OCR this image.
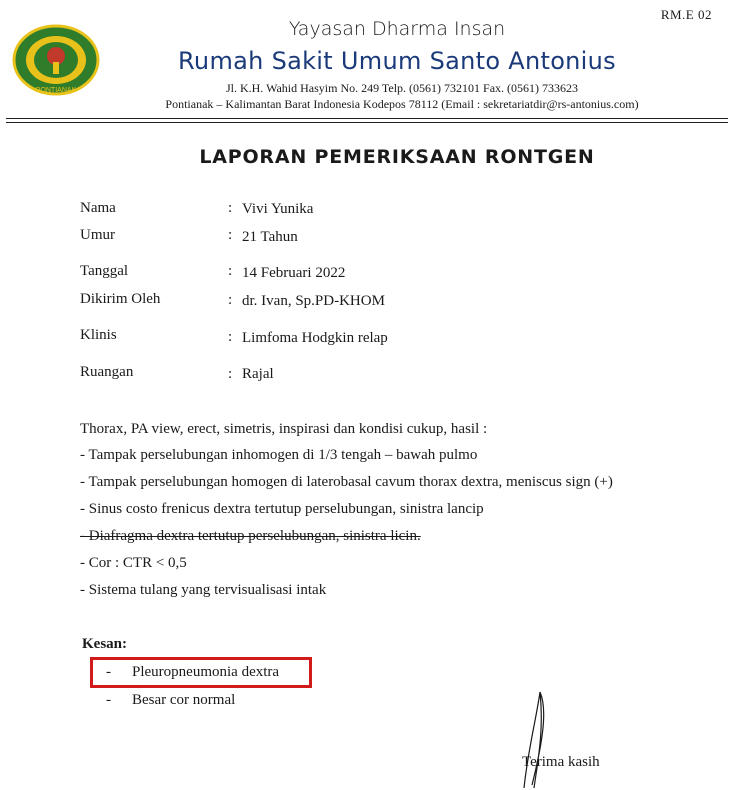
RM.E 02
PONTIANAK
Yayasan Dharma Insan
Rumah Sakit Umum Santo Antonius
Jl. K.H. Wahid Hasyim No. 249 Telp. (0561) 732101 Fax. (0561) 733623
Pontianak – Kalimantan Barat Indonesia Kodepos 78112 (Email : sekretariatdir@rs-antonius.com)
LAPORAN PEMERIKSAAN RONTGEN
Nama	: Vivi Yunika
Umur	: 21 Tahun
Tanggal	: 14 Februari 2022
Dikirim Oleh	: dr. Ivan, Sp.PD-KHOM
Klinis	: Limfoma Hodgkin relap
Ruangan	: Rajal
Thorax, PA view, erect, simetris, inspirasi dan kondisi cukup, hasil :
- Tampak perselubungan inhomogen di 1/3 tengah – bawah pulmo
- Tampak perselubungan homogen di laterobasal cavum thorax dextra, meniscus sign (+)
- Sinus costo frenicus dextra tertutup perselubungan, sinistra lancip
- Diafragma dextra tertutup perselubungan, sinistra licin.
- Cor : CTR < 0,5
- Sistema tulang yang tervisualisasi intak
Kesan:
- Pleuropneumonia dextra
- Besar cor normal
Terima kasih
